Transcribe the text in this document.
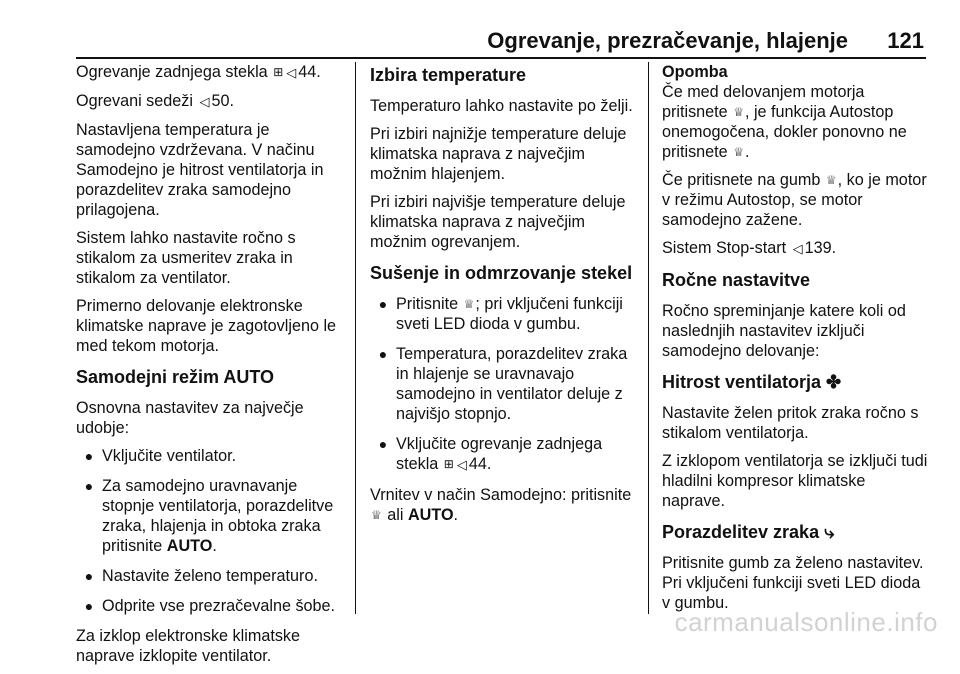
Ogrevanje, prezračevanje, hlajenje 121

Ogrevanje zadnjega stekla ⊞ ◁ 44.

Ogrevani sedeži ◁ 50.

Nastavljena temperatura je samodejno vzdrževana. V načinu Samodejno je hitrost ventilatorja in porazdelitev zraka samodejno prilagojena.

Sistem lahko nastavite ročno s stikalom za usmeritev zraka in stikalom za ventilator.

Primerno delovanje elektronske klimatske naprave je zagotovljeno le med tekom motorja.

Samodejni režim AUTO

Osnovna nastavitev za največje udobje:

● Vključite ventilator.
● Za samodejno uravnavanje stopnje ventilatorja, porazdelitve zraka, hlajenja in obtoka zraka pritisnite AUTO.
● Nastavite želeno temperaturo.
● Odprite vse prezračevalne šobe.

Za izklop elektronske klimatske naprave izklopite ventilator.

Izbira temperature

Temperaturo lahko nastavite po želji.

Pri izbiri najnižje temperature deluje klimatska naprava z največjim možnim hlajenjem.

Pri izbiri najvišje temperature deluje klimatska naprava z največjim možnim ogrevanjem.

Sušenje in odmrzovanje stekel
● Pritisnite ♕; pri vključeni funkciji sveti LED dioda v gumbu.
● Temperatura, porazdelitev zraka in hlajenje se uravnavajo samodejno in ventilator deluje z najvišjo stopnjo.
● Vključite ogrevanje zadnjega stekla ⊞ ◁ 44.

Vrnitev v način Samodejno: pritisnite ♕ ali AUTO.

Opomba
Če med delovanjem motorja pritisnete ♕, je funkcija Autostop onemogočena, dokler ponovno ne pritisnete ♕.

Če pritisnete na gumb ♕, ko je motor v režimu Autostop, se motor samodejno zažene.

Sistem Stop-start ◁ 139.

Ročne nastavitve

Ročno spreminjanje katere koli od naslednjih nastavitev izključi samodejno delovanje:

Hitrost ventilatorja ✤

Nastavite želen pritok zraka ročno s stikalom ventilatorja.

Z izklopom ventilatorja se izključi tudi hladilni kompresor klimatske naprave.

Porazdelitev zraka ⤷

Pritisnite gumb za želeno nastavitev. Pri vključeni funkciji sveti LED dioda v gumbu.

carmanualsonline.info
